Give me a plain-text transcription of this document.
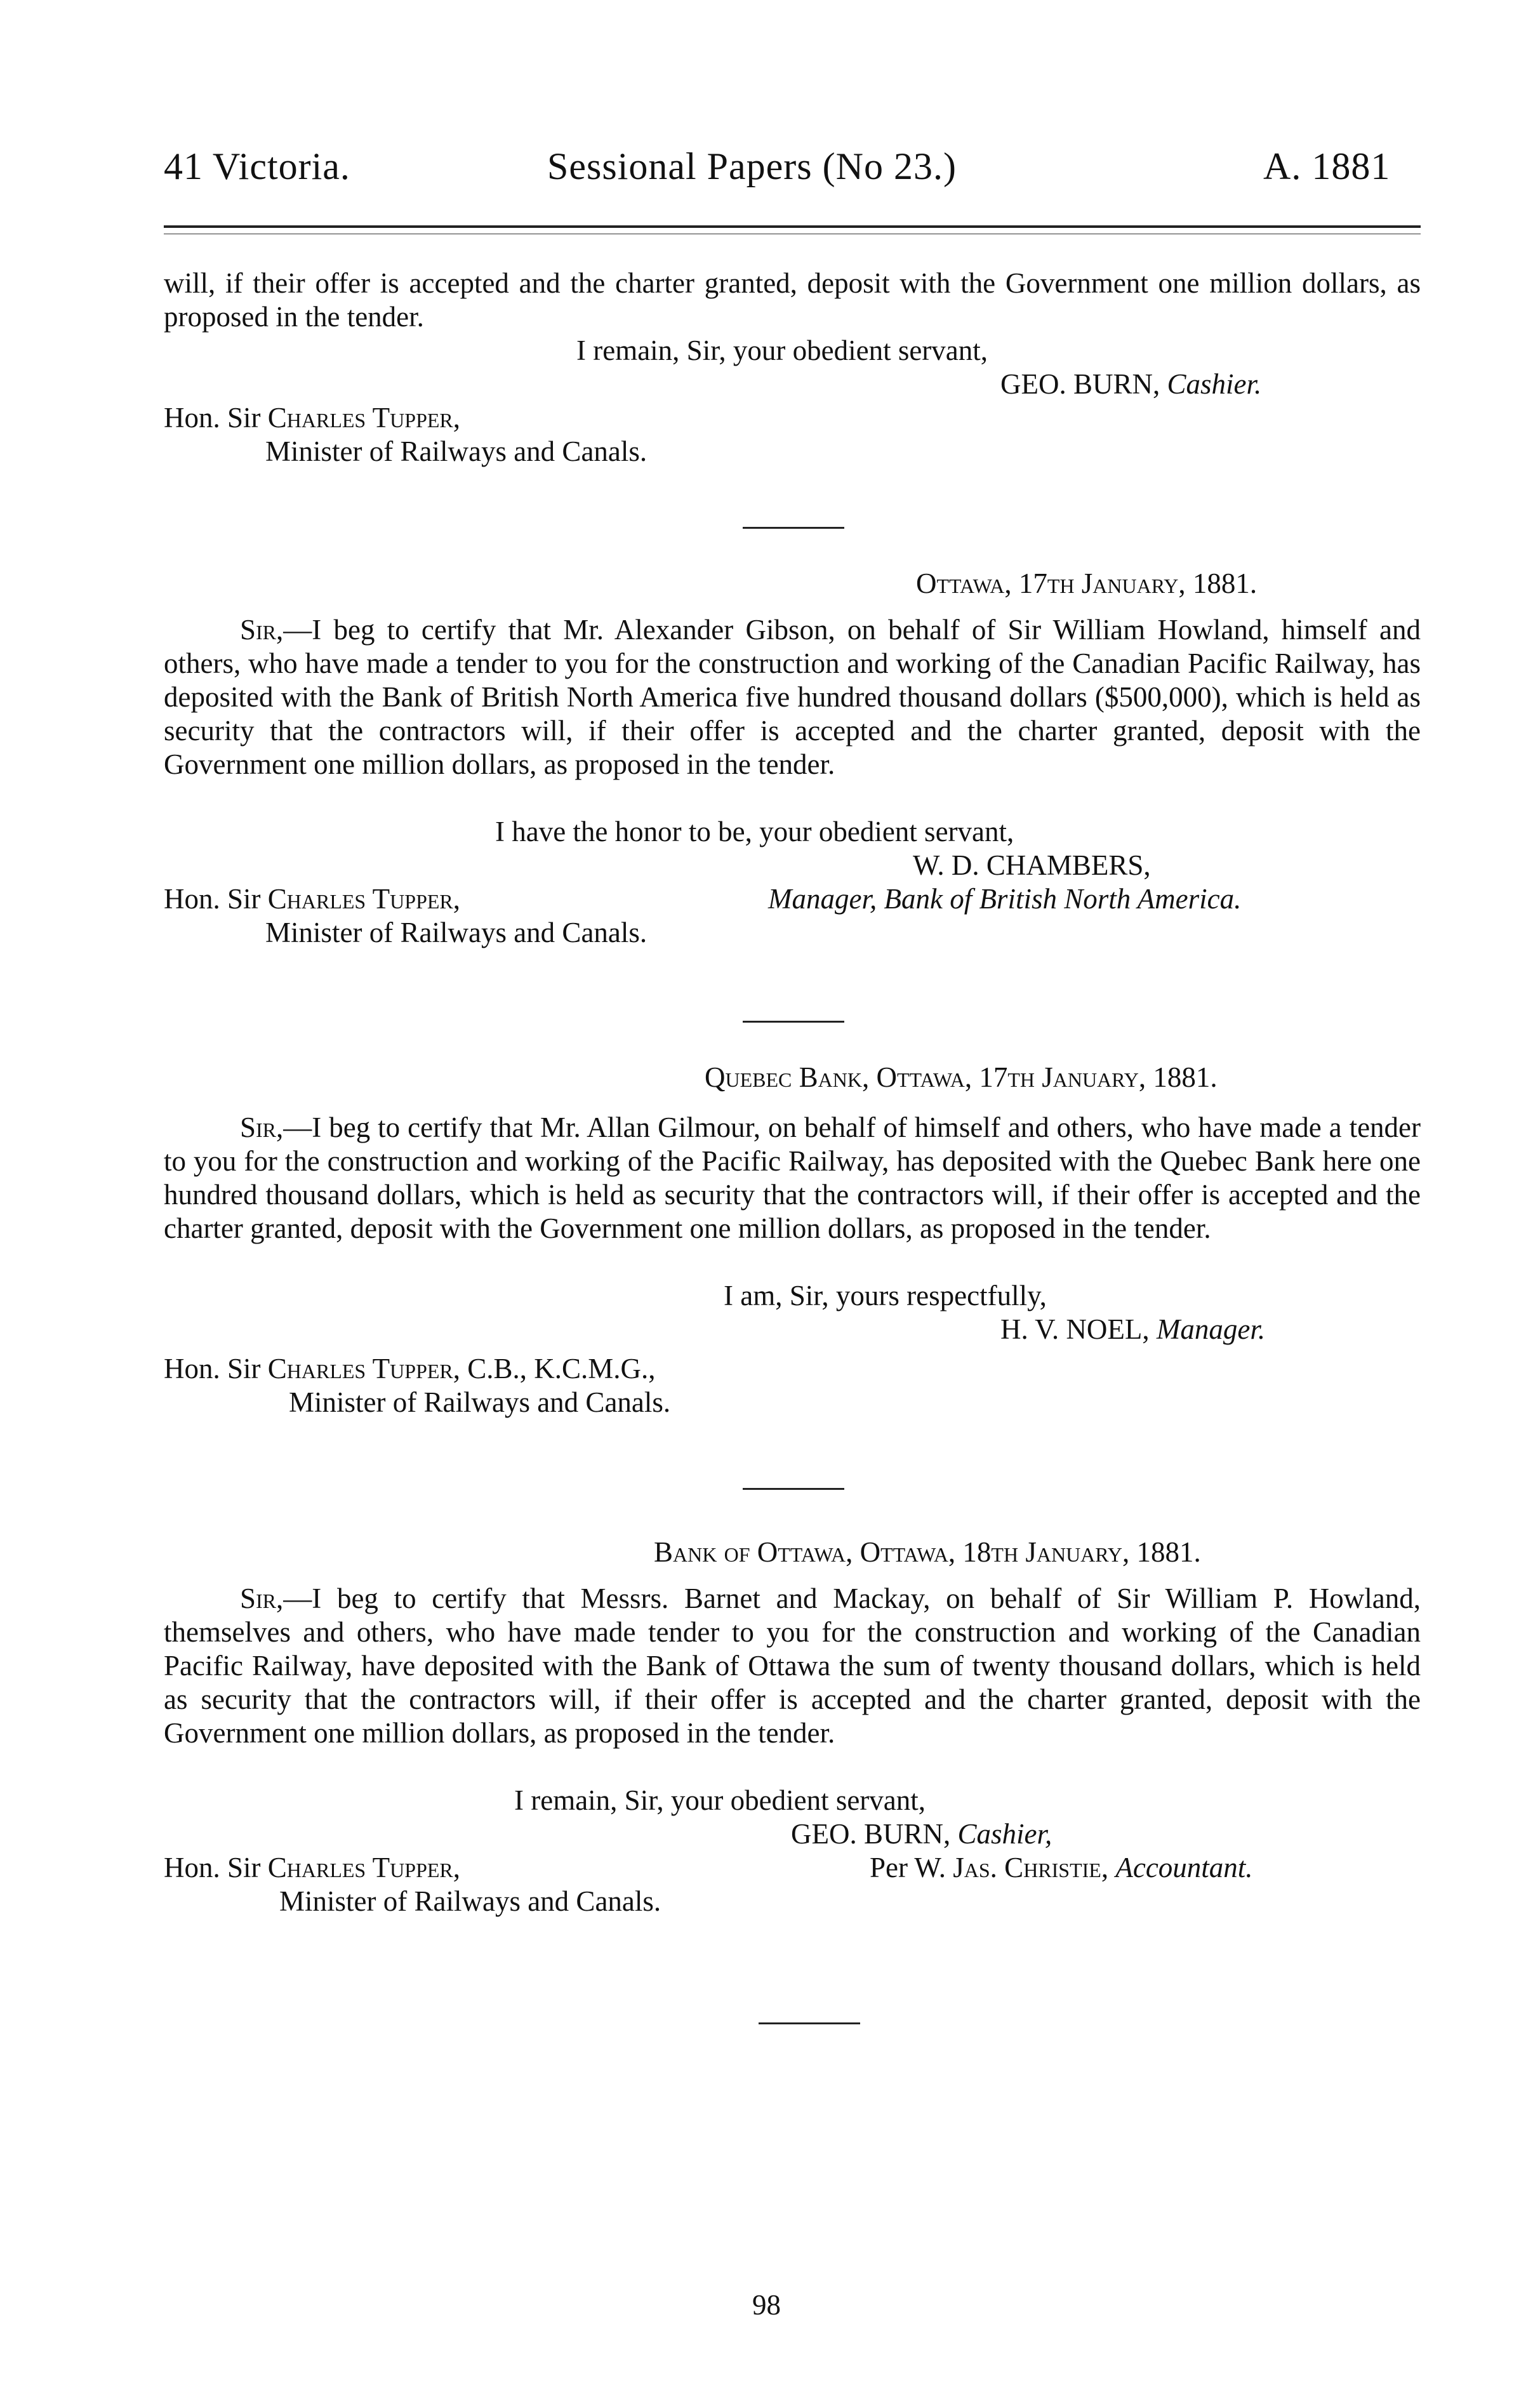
41 Victoria.	Sessional Papers (No 23.)	A. 1881
will, if their offer is accepted and the charter granted, deposit with the Government one million dollars, as proposed in the tender.
I remain, Sir, your obedient servant,
GEO. BURN, Cashier.
Hon. Sir Charles Tupper,
Minister of Railways and Canals.
Ottawa, 17th January, 1881.
Sir,—I beg to certify that Mr. Alexander Gibson, on behalf of Sir William Howland, himself and others, who have made a tender to you for the construction and working of the Canadian Pacific Railway, has deposited with the Bank of British North America five hundred thousand dollars ($500,000), which is held as security that the contractors will, if their offer is accepted and the charter granted, deposit with the Government one million dollars, as proposed in the tender.
I have the honor to be, your obedient servant,
W. D. CHAMBERS,
Hon. Sir Charles Tupper,	Manager, Bank of British North America.
Minister of Railways and Canals.
Quebec Bank, Ottawa, 17th January, 1881.
Sir,—I beg to certify that Mr. Allan Gilmour, on behalf of himself and others, who have made a tender to you for the construction and working of the Pacific Railway, has deposited with the Quebec Bank here one hundred thousand dollars, which is held as security that the contractors will, if their offer is accepted and the charter granted, deposit with the Government one million dollars, as proposed in the tender.
I am, Sir, yours respectfully,
H. V. NOEL, Manager.
Hon. Sir Charles Tupper, C.B., K.C.M.G.,
Minister of Railways and Canals.
Bank of Ottawa, Ottawa, 18th January, 1881.
Sir,—I beg to certify that Messrs. Barnet and Mackay, on behalf of Sir William P. Howland, themselves and others, who have made tender to you for the construction and working of the Canadian Pacific Railway, have deposited with the Bank of Ottawa the sum of twenty thousand dollars, which is held as security that the contractors will, if their offer is accepted and the charter granted, deposit with the Government one million dollars, as proposed in the tender.
I remain, Sir, your obedient servant,
GEO. BURN, Cashier,
Hon. Sir Charles Tupper,	Per W. Jas. Christie, Accountant.
Minister of Railways and Canals.
98
